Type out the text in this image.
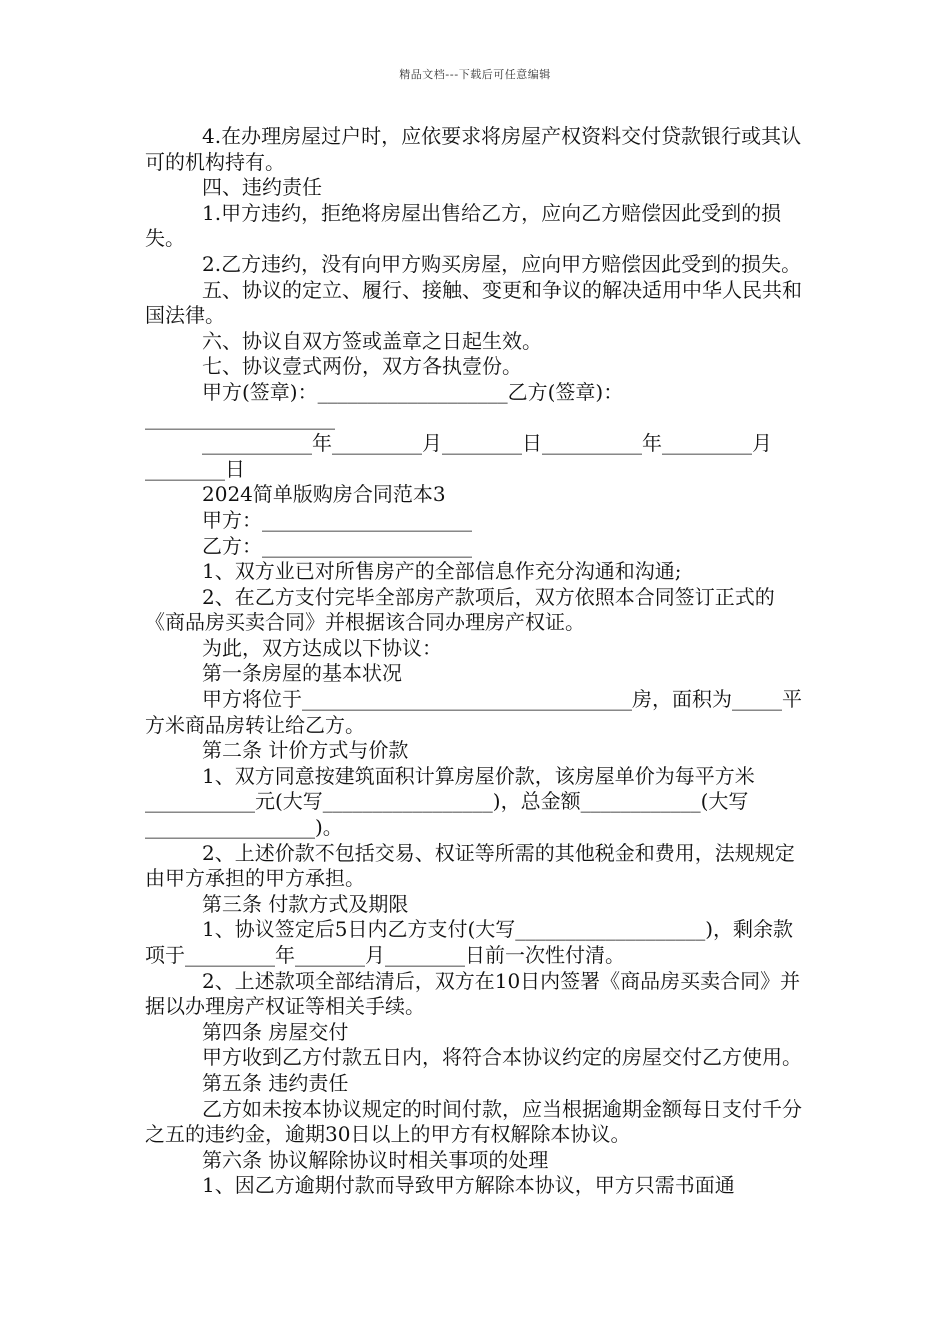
精品文档---下载后可任意编辑

4.在办理房屋过户时，应依要求将房屋产权资料交付贷款银行或其认可的机构持有。

四、违约责任

1.甲方违约，拒绝将房屋出售给乙方，应向乙方赔偿因此受到的损失。

2.乙方违约，没有向甲方购买房屋，应向甲方赔偿因此受到的损失。

五、协议的定立、履行、接触、变更和争议的解决适用中华人民共和国法律。

六、协议自双方签或盖章之日起生效。

七、协议壹式两份，双方各执壹份。

甲方(签章)：___________________乙方(签章)：___________________

___________年_________月________日__________年_________月________日

2024简单版购房合同范本3

甲方：_____________________

乙方：_____________________

1、双方业已对所售房产的全部信息作充分沟通和沟通;

2、在乙方支付完毕全部房产款项后，双方依照本合同签订正式的《商品房买卖合同》并根据该合同办理房产权证。

为此，双方达成以下协议：

第一条房屋的基本状况

甲方将位于_________________________________房，面积为_____平方米商品房转让给乙方。

第二条 计价方式与价款

1、双方同意按建筑面积计算房屋价款，该房屋单价为每平方米___________元(大写_________________)，总金额____________(大写_________________)。

2、上述价款不包括交易、权证等所需的其他税金和费用，法规规定由甲方承担的甲方承担。

第三条 付款方式及期限

1、协议签定后5日内乙方支付(大写___________________)，剩余款项于_________年_______月________日前一次性付清。

2、上述款项全部结清后，双方在10日内签署《商品房买卖合同》并据以办理房产权证等相关手续。

第四条 房屋交付

甲方收到乙方付款五日内，将符合本协议约定的房屋交付乙方使用。

第五条 违约责任

乙方如未按本协议规定的时间付款，应当根据逾期金额每日支付千分之五的违约金，逾期30日以上的甲方有权解除本协议。

第六条 协议解除协议时相关事项的处理

1、因乙方逾期付款而导致甲方解除本协议，甲方只需书面通
